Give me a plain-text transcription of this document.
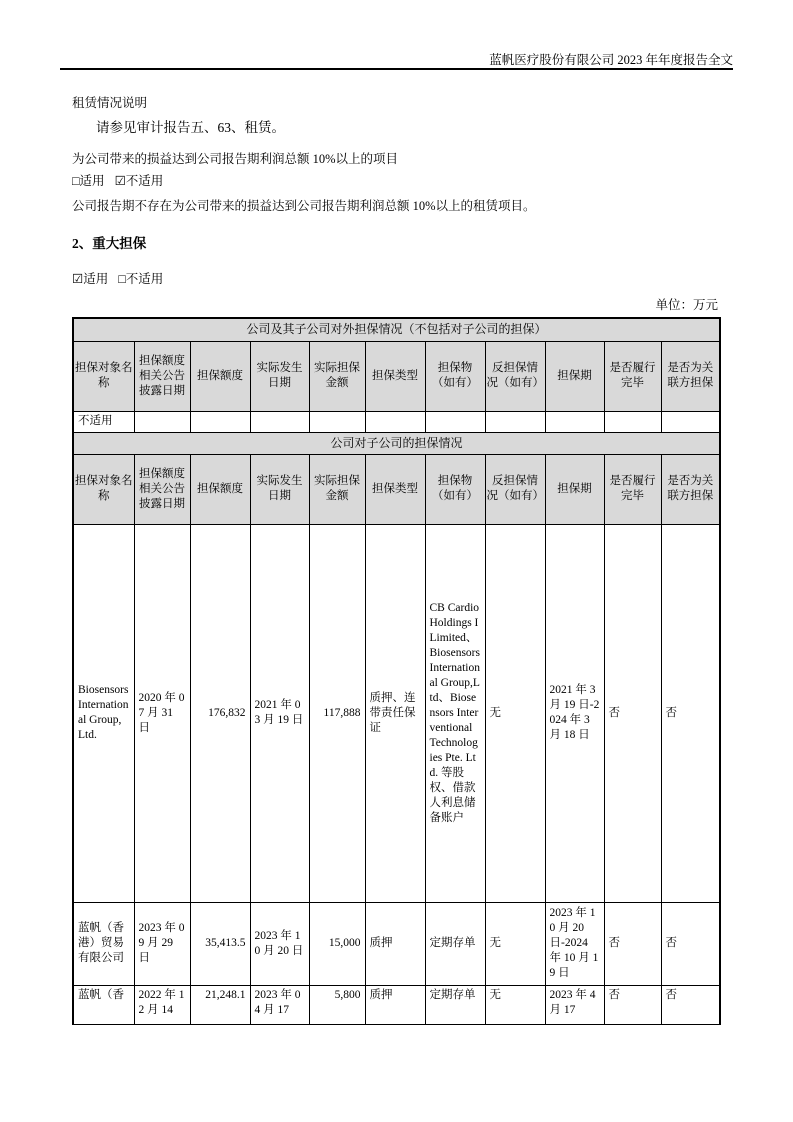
蓝帆医疗股份有限公司 2023 年年度报告全文
租赁情况说明
请参见审计报告五、63、租赁。
为公司带来的损益达到公司报告期利润总额 10%以上的项目
□适用 ☑不适用
公司报告期不存在为公司带来的损益达到公司报告期利润总额 10%以上的租赁项目。
2、重大担保
☑适用 □不适用
单位：万元
公司及其子公司对外担保情况（不包括对子公司的担保）										
担保对象名称	担保额度相关公告披露日期	担保额度	实际发生日期	实际担保金额	担保类型	担保物（如有）	反担保情况（如有）	担保期	是否履行完毕	是否为关联方担保
不适用										
公司对子公司的担保情况										
担保对象名称	担保额度相关公告披露日期	担保额度	实际发生日期	实际担保金额	担保类型	担保物（如有）	反担保情况（如有）	担保期	是否履行完毕	是否为关联方担保
Biosensors International Group, Ltd.	2020 年 07 月 31 日	176,832	2021 年 03 月 19 日	117,888	质押、连带责任保证	CB Cardio Holdings I Limited、Biosensors International Group,Ltd、Biosensors Interventional Technologies Pte. Ltd. 等股权、借款人利息储备账户	无	2021 年 3 月 19 日-2024 年 3 月 18 日	否	否
蓝帆（香港）贸易有限公司	2023 年 09 月 29 日	35,413.5	2023 年 10 月 20 日	15,000	质押	定期存单	无	2023 年 10 月 20 日-2024 年 10 月 19 日	否	否
蓝帆（香	2022 年 12 月 14	21,248.1	2023 年 04 月 17	5,800	质押	定期存单	无	2023 年 4 月 17	否	否
